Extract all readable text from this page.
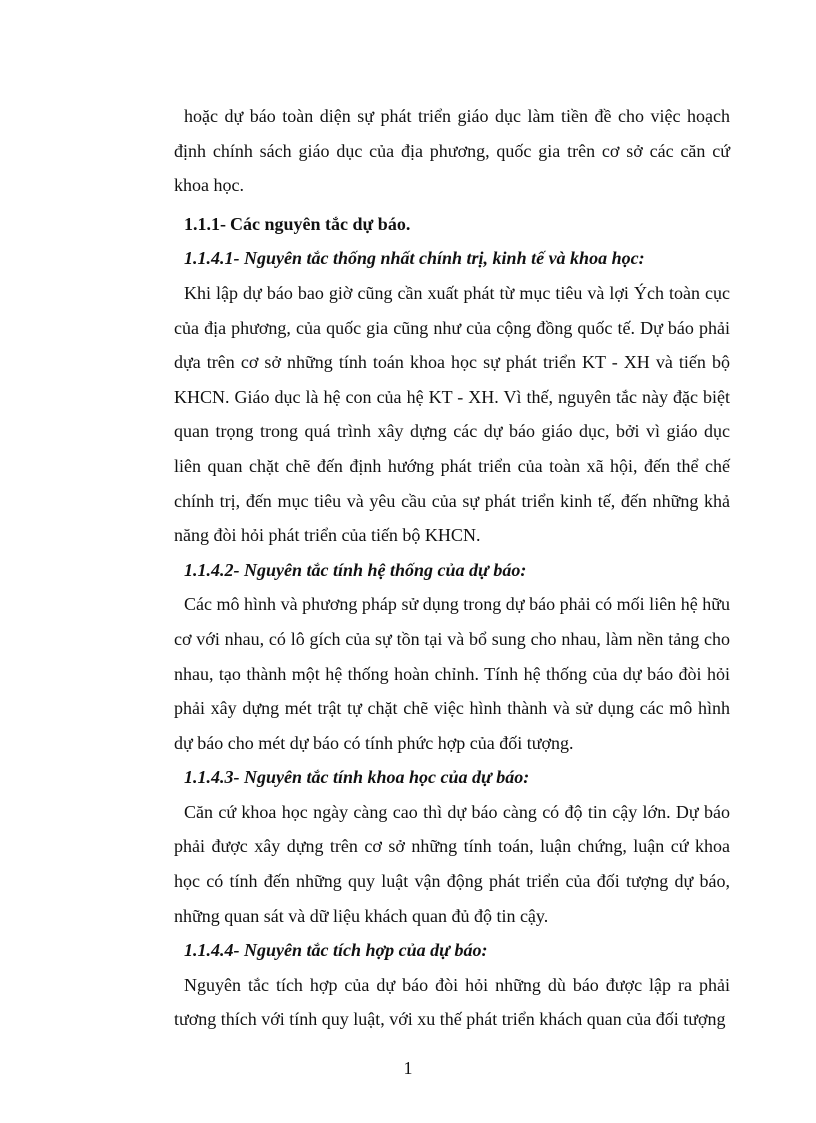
hoặc dự báo toàn diện sự phát triển giáo dục làm tiền đề cho việc hoạch định chính sách giáo dục của địa phương, quốc gia trên cơ sở các căn cứ khoa học.

1.1.1- Các nguyên tắc dự báo.

1.1.4.1- Nguyên tắc thống nhất chính trị, kinh tế và khoa học:

Khi lập dự báo bao giờ cũng cần xuất phát từ mục tiêu và lợi Ých toàn cục của địa phương, của quốc gia cũng như của cộng đồng quốc tế. Dự báo phải dựa trên cơ sở những tính toán khoa học sự phát triển KT - XH và tiến bộ KHCN. Giáo dục là hệ con của hệ KT - XH. Vì thế, nguyên tắc này đặc biệt quan trọng trong quá trình xây dựng các dự báo giáo dục, bởi vì giáo dục liên quan chặt chẽ đến định hướng phát triển của toàn xã hội, đến thể chế chính trị, đến mục tiêu và yêu cầu của sự phát triển kinh tế, đến những khả năng đòi hỏi phát triển của tiến bộ KHCN.

1.1.4.2- Nguyên tắc tính hệ thống của dự báo:

Các mô hình và phương pháp sử dụng trong dự báo phải có mối liên hệ hữu cơ với nhau, có lô gích của sự tồn tại và bổ sung cho nhau, làm nền tảng cho nhau, tạo thành một hệ thống hoàn chỉnh. Tính hệ thống của dự báo đòi hỏi phải xây dựng mét trật tự chặt chẽ việc hình thành và sử dụng các mô hình dự báo cho mét dự báo có tính phức hợp của đối tượng.

1.1.4.3- Nguyên tắc tính khoa học của dự báo:

Căn cứ khoa học ngày càng cao thì dự báo càng có độ tin cậy lớn. Dự báo phải được xây dựng trên cơ sở những tính toán, luận chứng, luận cứ khoa học có tính đến những quy luật vận động phát triển của đối tượng dự báo, những quan sát và dữ liệu khách quan đủ độ tin cậy.

1.1.4.4- Nguyên tắc tích hợp của dự báo:

Nguyên tắc tích hợp của dự báo đòi hỏi những dù báo được lập ra phải tương thích với tính quy luật, với xu thế phát triển khách quan của đối tượng

1
